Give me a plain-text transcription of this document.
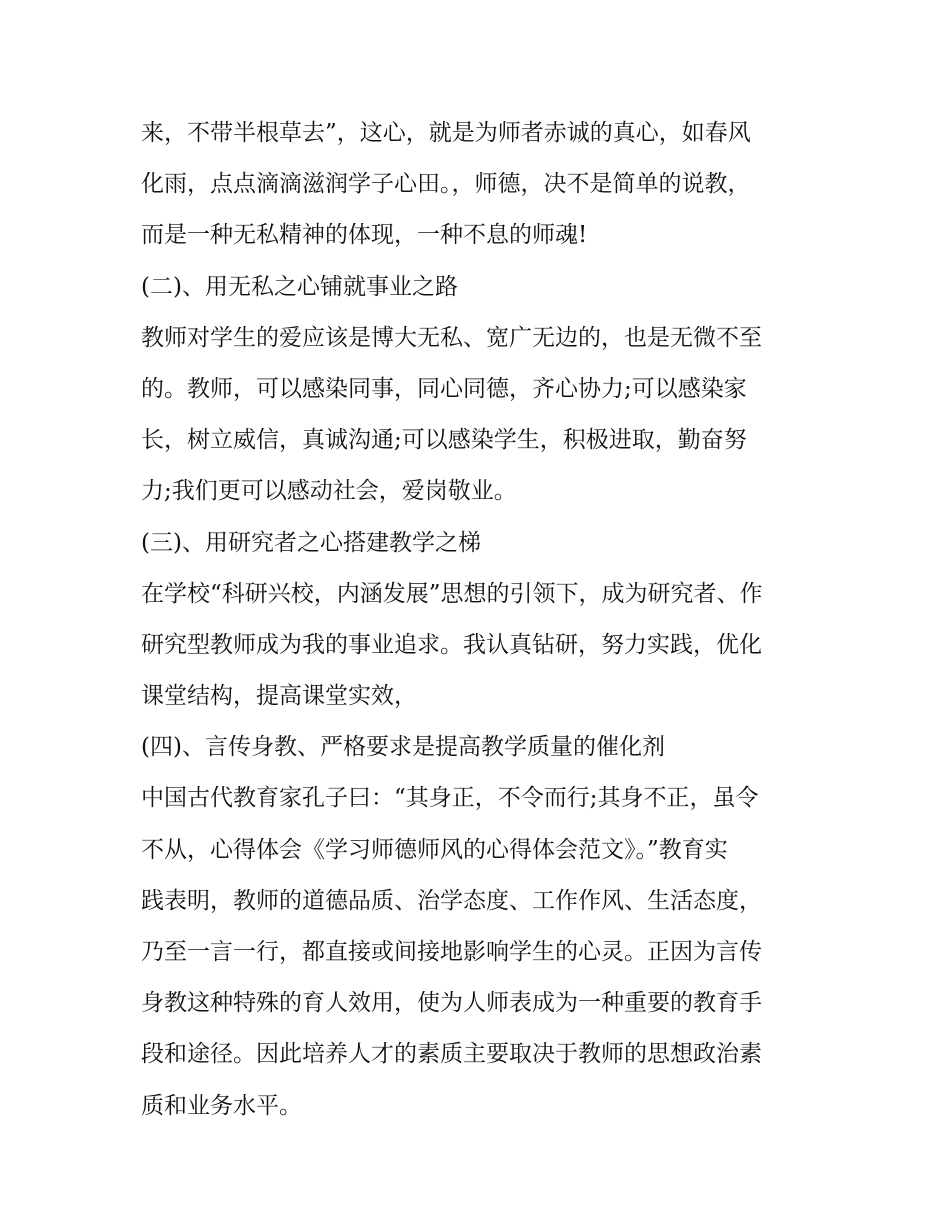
来，不带半根草去”，这心，就是为师者赤诚的真心，如春风
化雨，点点滴滴滋润学子心田。，师德，决不是简单的说教，
而是一种无私精神的体现，一种不息的师魂!
(二)、用无私之心铺就事业之路
教师对学生的爱应该是博大无私、宽广无边的，也是无微不至
的。教师，可以感染同事，同心同德，齐心协力;可以感染家
长，树立威信，真诚沟通;可以感染学生，积极进取，勤奋努
力;我们更可以感动社会，爱岗敬业。
(三)、用研究者之心搭建教学之梯
在学校“科研兴校，内涵发展”思想的引领下，成为研究者、作
研究型教师成为我的事业追求。我认真钻研，努力实践，优化
课堂结构，提高课堂实效，
(四)、言传身教、严格要求是提高教学质量的催化剂
中国古代教育家孔子曰：“其身正，不令而行;其身不正，虽令
不从，心得体会《学习师德师风的心得体会范文》。”教育实
践表明，教师的道德品质、治学态度、工作作风、生活态度，
乃至一言一行，都直接或间接地影响学生的心灵。正因为言传
身教这种特殊的育人效用，使为人师表成为一种重要的教育手
段和途径。因此培养人才的素质主要取决于教师的思想政治素
质和业务水平。
